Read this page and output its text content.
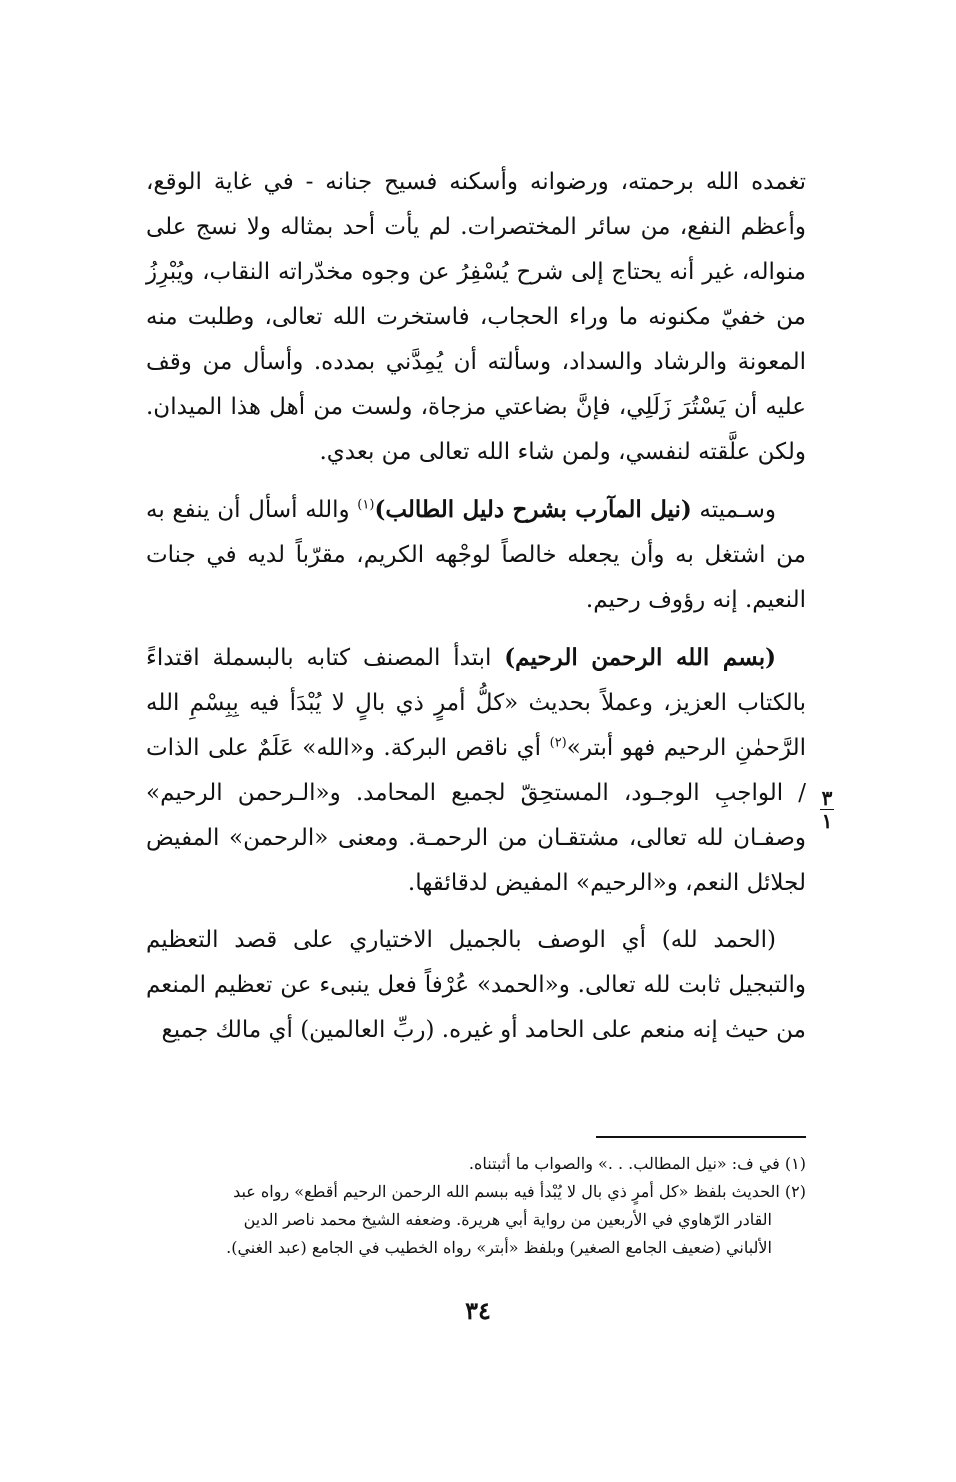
تغمده الله برحمته، ورضوانه وأسكنه فسيح جنانه - في غاية الوقع، وأعظم النفع، من سائر المختصرات. لم يأت أحد بمثاله ولا نسج على منواله، غير أنه يحتاج إلى شرح يُسْفِرُ عن وجوه مخدّراته النقاب، ويُبْرِزُ من خفيّ مكنونه ما وراء الحجاب، فاستخرت الله تعالى، وطلبت منه المعونة والرشاد والسداد، وسألته أن يُمِدَّني بمدده. وأسأل من وقف عليه أن يَسْتُرَ زَلَلِي، فإنَّ بضاعتي مزجاة، ولست من أهل هذا الميدان. ولكن علَّقته لنفسي، ولمن شاء الله تعالى من بعدي.

وسـميته (نيل المآرب بشرح دليل الطالب)$^{(١)}$ والله أسأل أن ينفع به من اشتغل به وأن يجعله خالصاً لوجْهه الكريم، مقرّباً لديه في جنات النعيم. إنه رؤوف رحيم.

(بسم الله الرحمن الرحيم) ابتدأ المصنف كتابه بالبسملة اقتداءً بالكتاب العزيز، وعملاً بحديث «كلُّ أمرٍ ذي بالٍ لا يُبْدَأ فيه بِبِسْمِ الله الرَّحمٰنِ الرحيم فهو أبتر»$^{(٢)}$ أي ناقص البركة. و«الله» عَلَمٌ على الذات / الواجبِ الوجـود، المستحِقّ لجميع المحامد. و«الـرحمن الرحيم» وصفـان لله تعالى، مشتقـان من الرحمـة. ومعنى «الرحمن» المفيض لجلائل النعم، و«الرحيم» المفيض لدقائقها.

(الحمد لله) أي الوصف بالجميل الاختياري على قصد التعظيم والتبجيل ثابت لله تعالى. و«الحمد» عُرْفاً فعل ينبىء عن تعظيم المنعم من حيث إنه منعم على الحامد أو غيره. (ربِّ العالمين) أي مالك جميع

٣
١

(١) في ف: «نيل المطالب. . .» والصواب ما أثبتناه.

(٢) الحديث بلفظ «كل أمرٍ ذي بال لا يُبْدأ فيه ببسم الله الرحمن الرحيم أقطع» رواه عبد

القادر الرّهاوي في الأربعين من رواية أبي هريرة. وضعفه الشيخ محمد ناصر الدين

الألباني (ضعيف الجامع الصغير) وبلفظ «أبتر» رواه الخطيب في الجامع (عبد الغني).

٣٤
